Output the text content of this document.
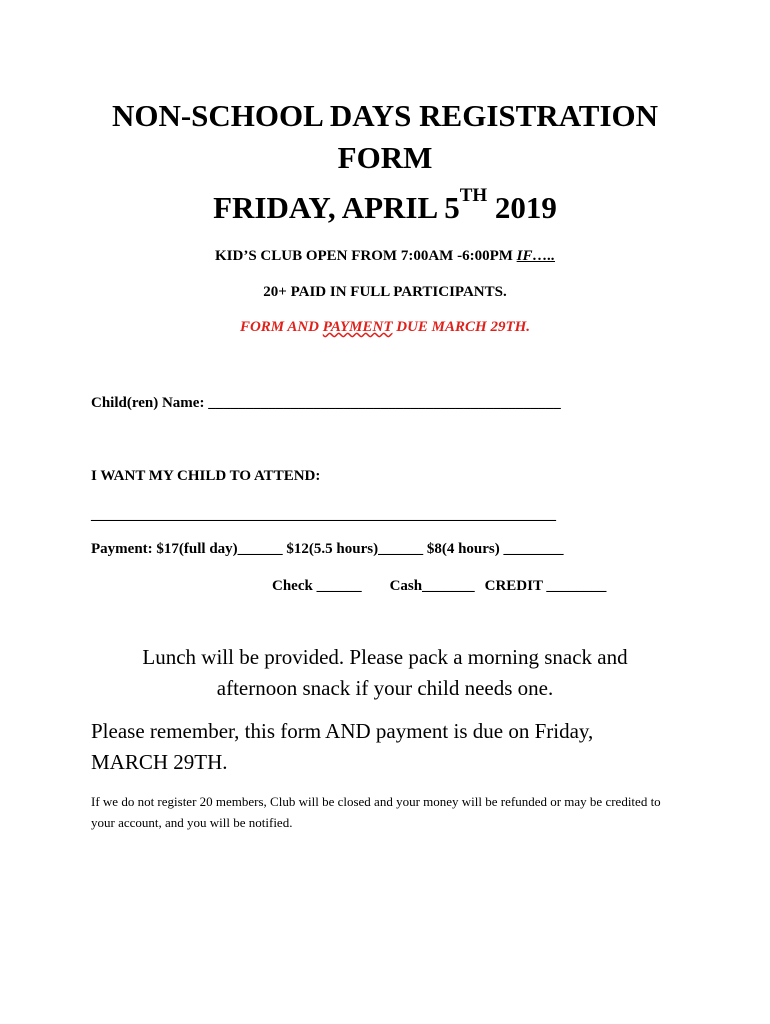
NON-SCHOOL DAYS REGISTRATION
FORM
FRIDAY, APRIL 5TH 2019
KID’S CLUB OPEN FROM 7:00AM -6:00PM IF…..
20+ PAID IN FULL PARTICIPANTS.
FORM AND PAYMENT DUE MARCH 29TH.
Child(ren) Name: _______________________________________________
I WANT MY CHILD TO ATTEND:
______________________________________________________________
Payment: $17(full day)______ $12(5.5 hours)______ $8(4 hours) ________
Check ______ Cash_______ CREDIT ________
Lunch will be provided. Please pack a morning snack and
afternoon snack if your child needs one.
Please remember, this form AND payment is due on Friday, MARCH 29TH.
If we do not register 20 members, Club will be closed and your money will be refunded or may be credited to your account, and you will be notified.
